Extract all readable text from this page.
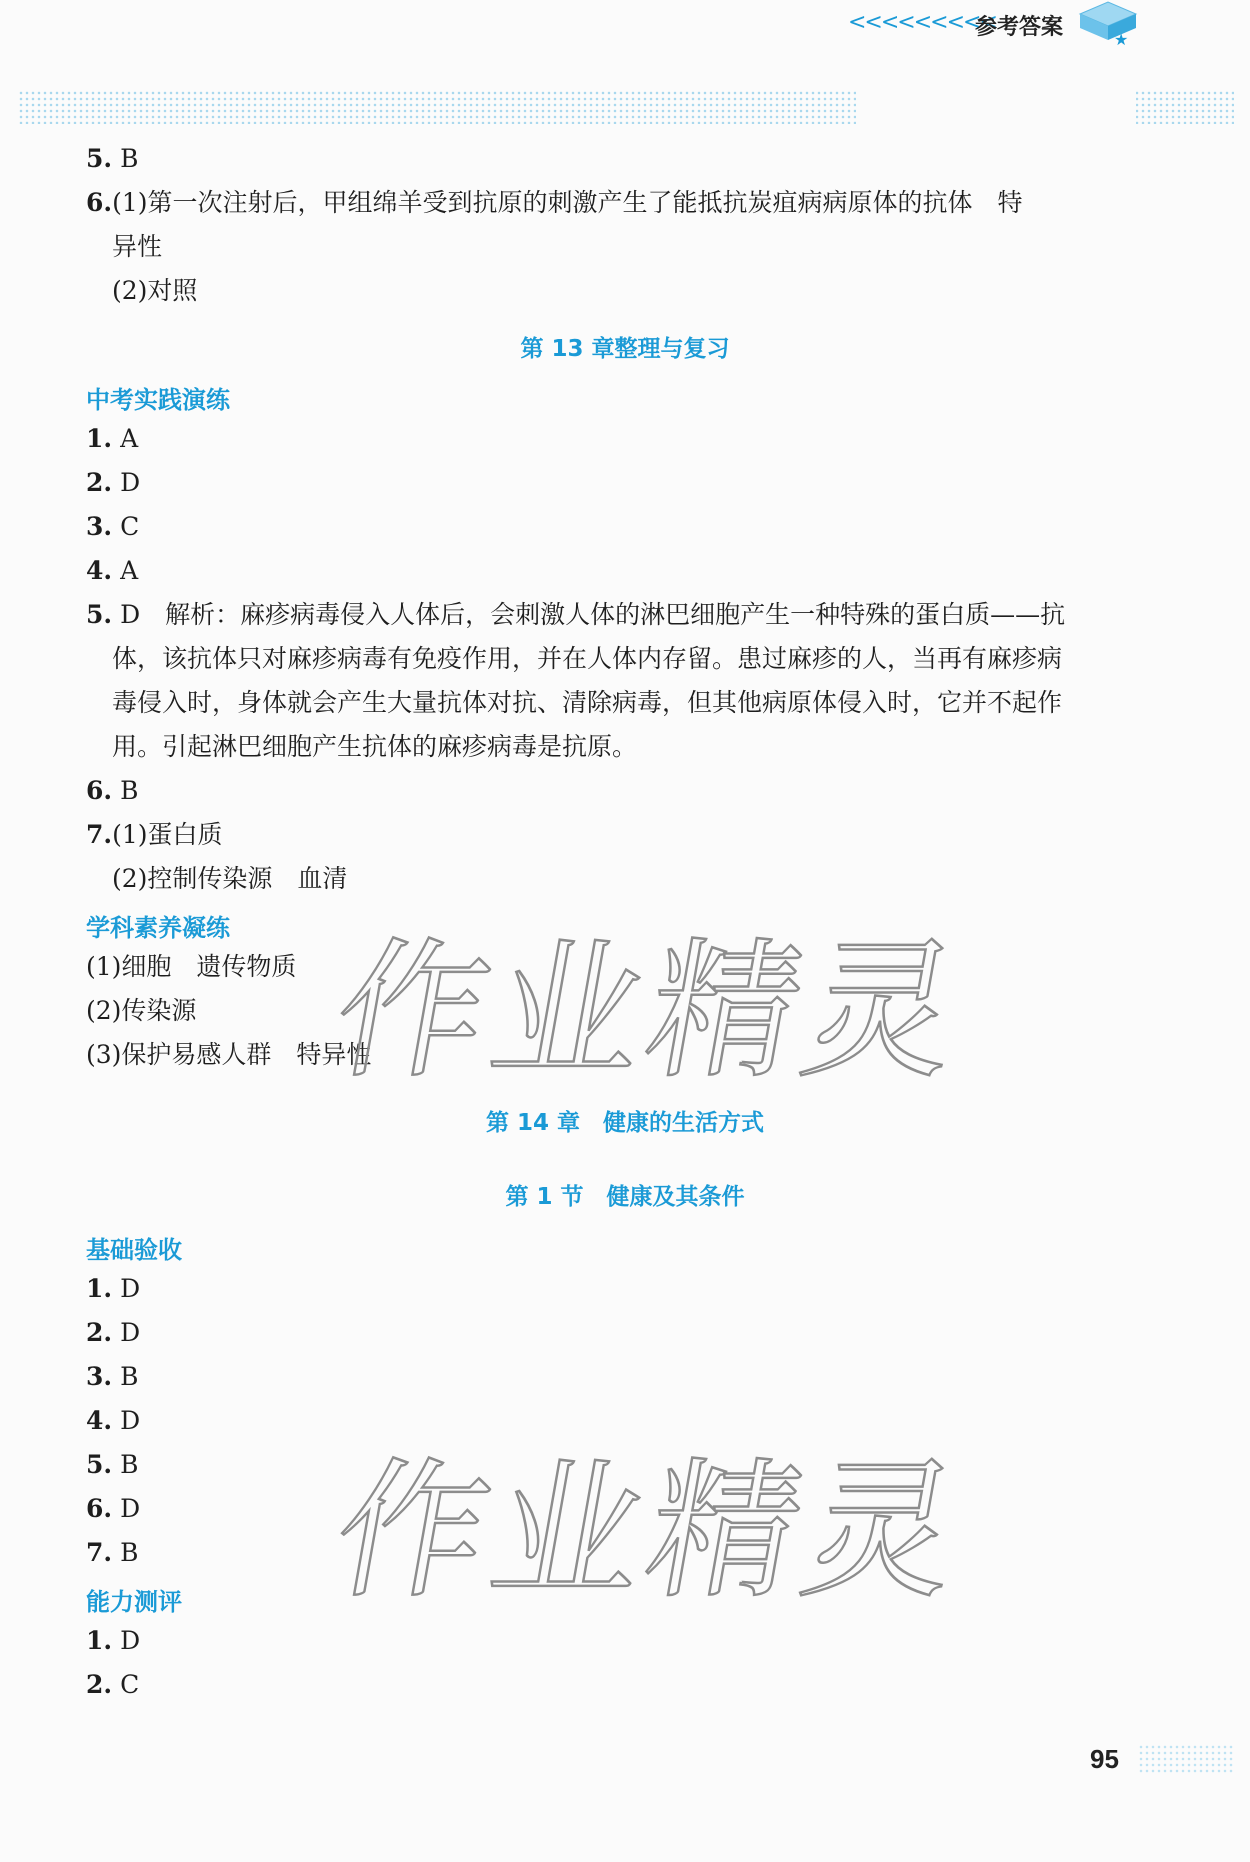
<<<<<<<<<
参考答案	★
5. B
6.(1)第一次注射后，甲组绵羊受到抗原的刺激产生了能抵抗炭疽病病原体的抗体　特
异性
(2)对照
第 13 章整理与复习
中考实践演练
1. A
2. D
3. C
4. A
5. D　解析：麻疹病毒侵入人体后，会刺激人体的淋巴细胞产生一种特殊的蛋白质——抗
体，该抗体只对麻疹病毒有免疫作用，并在人体内存留。患过麻疹的人，当再有麻疹病
毒侵入时，身体就会产生大量抗体对抗、清除病毒，但其他病原体侵入时，它并不起作
用。引起淋巴细胞产生抗体的麻疹病毒是抗原。
6. B
7.(1)蛋白质
(2)控制传染源　血清
学科素养凝练
(1)细胞　遗传物质
(2)传染源
(3)保护易感人群　特异性
第 14 章　健康的生活方式
第 1 节　健康及其条件
基础验收
1. D
2. D
3. B
4. D
5. B
6. D
7. B
能力测评
1. D
2. C
作业精灵
作业精灵
95
